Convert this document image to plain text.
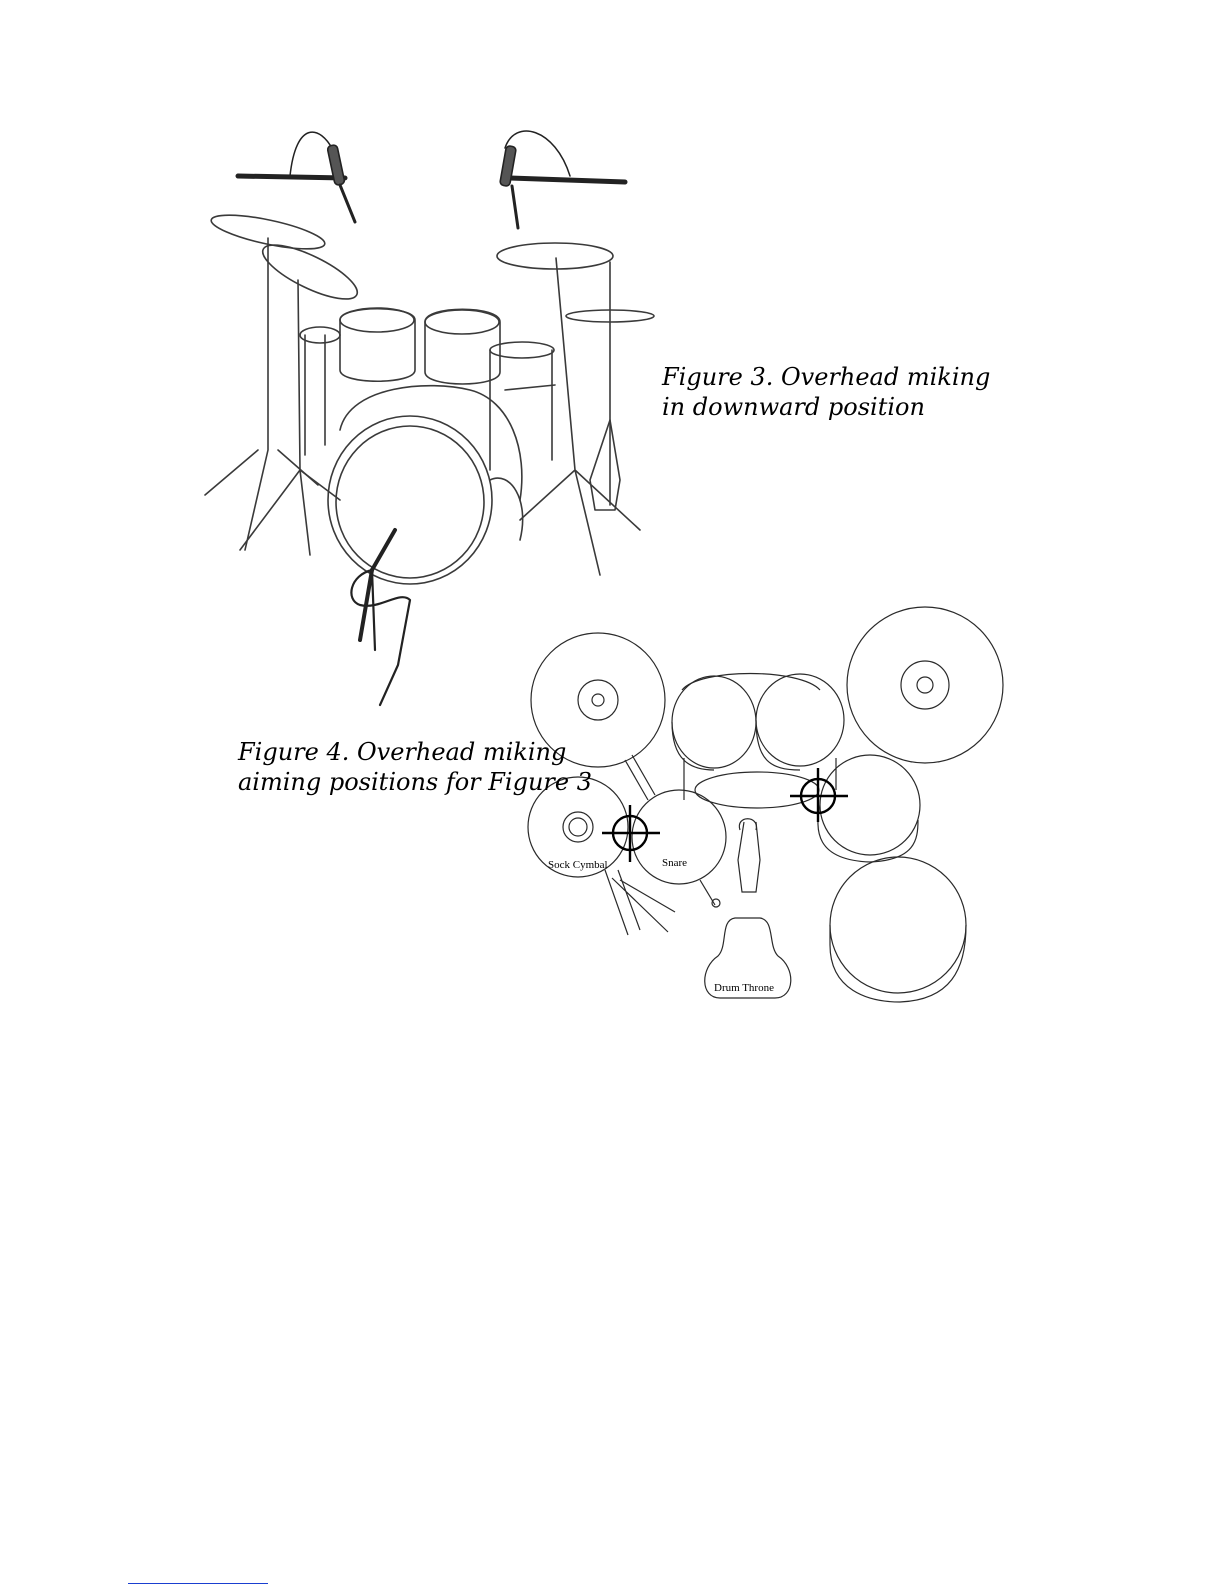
Figure 3. Overhead miking
in downward position

Sock Cymbal	Snare
Drum Throne

Figure 4. Overhead miking
aiming positions for Figure 3
